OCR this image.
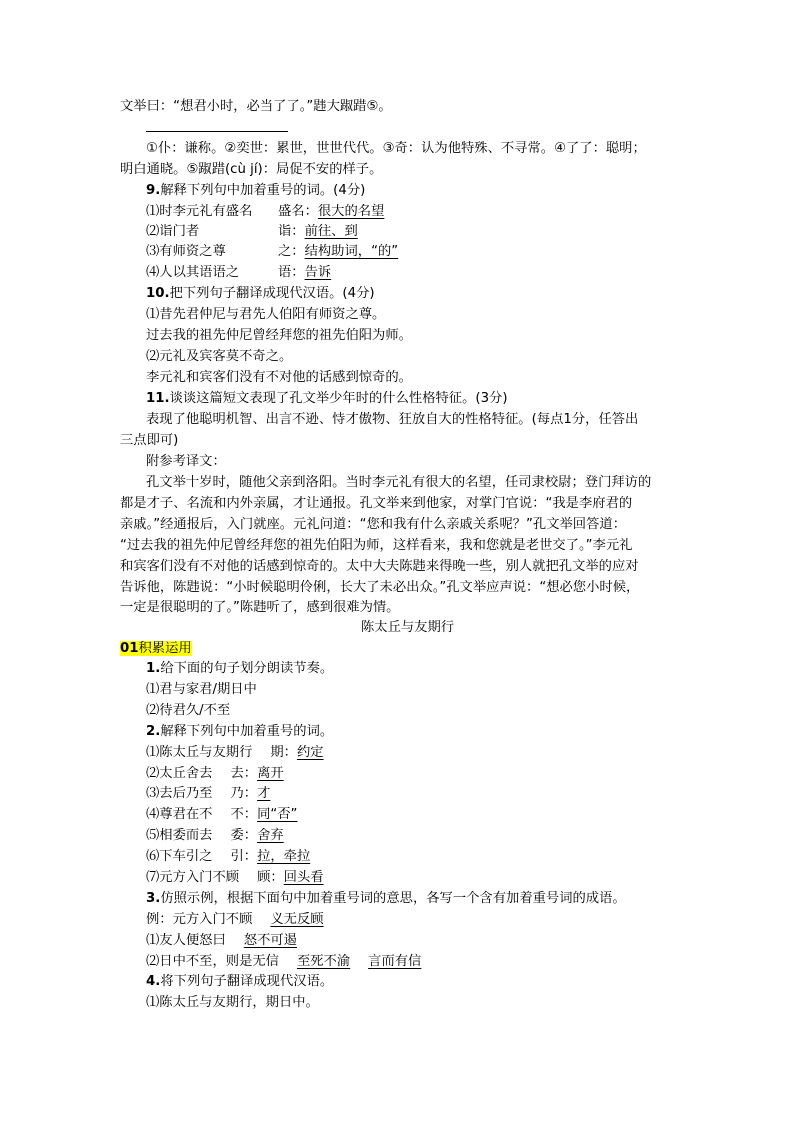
文举曰：“想君小时，必当了了。”韪大踧踖⑤。
①仆：谦称。②奕世：累世，世世代代。③奇：认为他特殊、不寻常。④了了：聪明；
明白通晓。⑤踧踖(cù jí)：局促不安的样子。
9.解释下列句中加着重号的词。(4分)
⑴时李元礼有盛名 盛名：很大的名望
⑵诣门者	诣：前往、到
⑶有师资之尊	之：结构助词，“的”
⑷人以其语语之	语：告诉
10.把下列句子翻译成现代汉语。(4分)
⑴昔先君仲尼与君先人伯阳有师资之尊。
过去我的祖先仲尼曾经拜您的祖先伯阳为师。
⑵元礼及宾客莫不奇之。
李元礼和宾客们没有不对他的话感到惊奇的。
11.谈谈这篇短文表现了孔文举少年时的什么性格特征。(3分)
表现了他聪明机智、出言不逊、恃才傲物、狂放自大的性格特征。(每点1分，任答出
三点即可)
附参考译文：
孔文举十岁时，随他父亲到洛阳。当时李元礼有很大的名望，任司隶校尉；登门拜访的
都是才子、名流和内外亲属，才让通报。孔文举来到他家，对掌门官说：“我是李府君的
亲戚。”经通报后，入门就座。元礼问道：“您和我有什么亲戚关系呢？”孔文举回答道：
“过去我的祖先仲尼曾经拜您的祖先伯阳为师，这样看来，我和您就是老世交了。”李元礼
和宾客们没有不对他的话感到惊奇的。太中大夫陈韪来得晚一些，别人就把孔文举的应对
告诉他，陈韪说：“小时候聪明伶俐，长大了未必出众。”孔文举应声说：“想必您小时候，
一定是很聪明的了。”陈韪听了，感到很难为情。
陈太丘与友期行
01积累运用
1.给下面的句子划分朗读节奏。
⑴君与家君/期日中
⑵待君久/不至
2.解释下列句中加着重号的词。
⑴陈太丘与友期行 期：约定
⑵太丘舍去 去：离开
⑶去后乃至 乃：才
⑷尊君在不 不：同“否”
⑸相委而去 委：舍弃
⑹下车引之 引：拉，牵拉
⑺元方入门不顾 顾：回头看
3.仿照示例，根据下面句中加着重号词的意思，各写一个含有加着重号词的成语。
例：元方入门不顾 义无反顾
⑴友人便怒曰 怒不可遏
⑵日中不至，则是无信 至死不渝 言而有信
4.将下列句子翻译成现代汉语。
⑴陈太丘与友期行，期日中。
